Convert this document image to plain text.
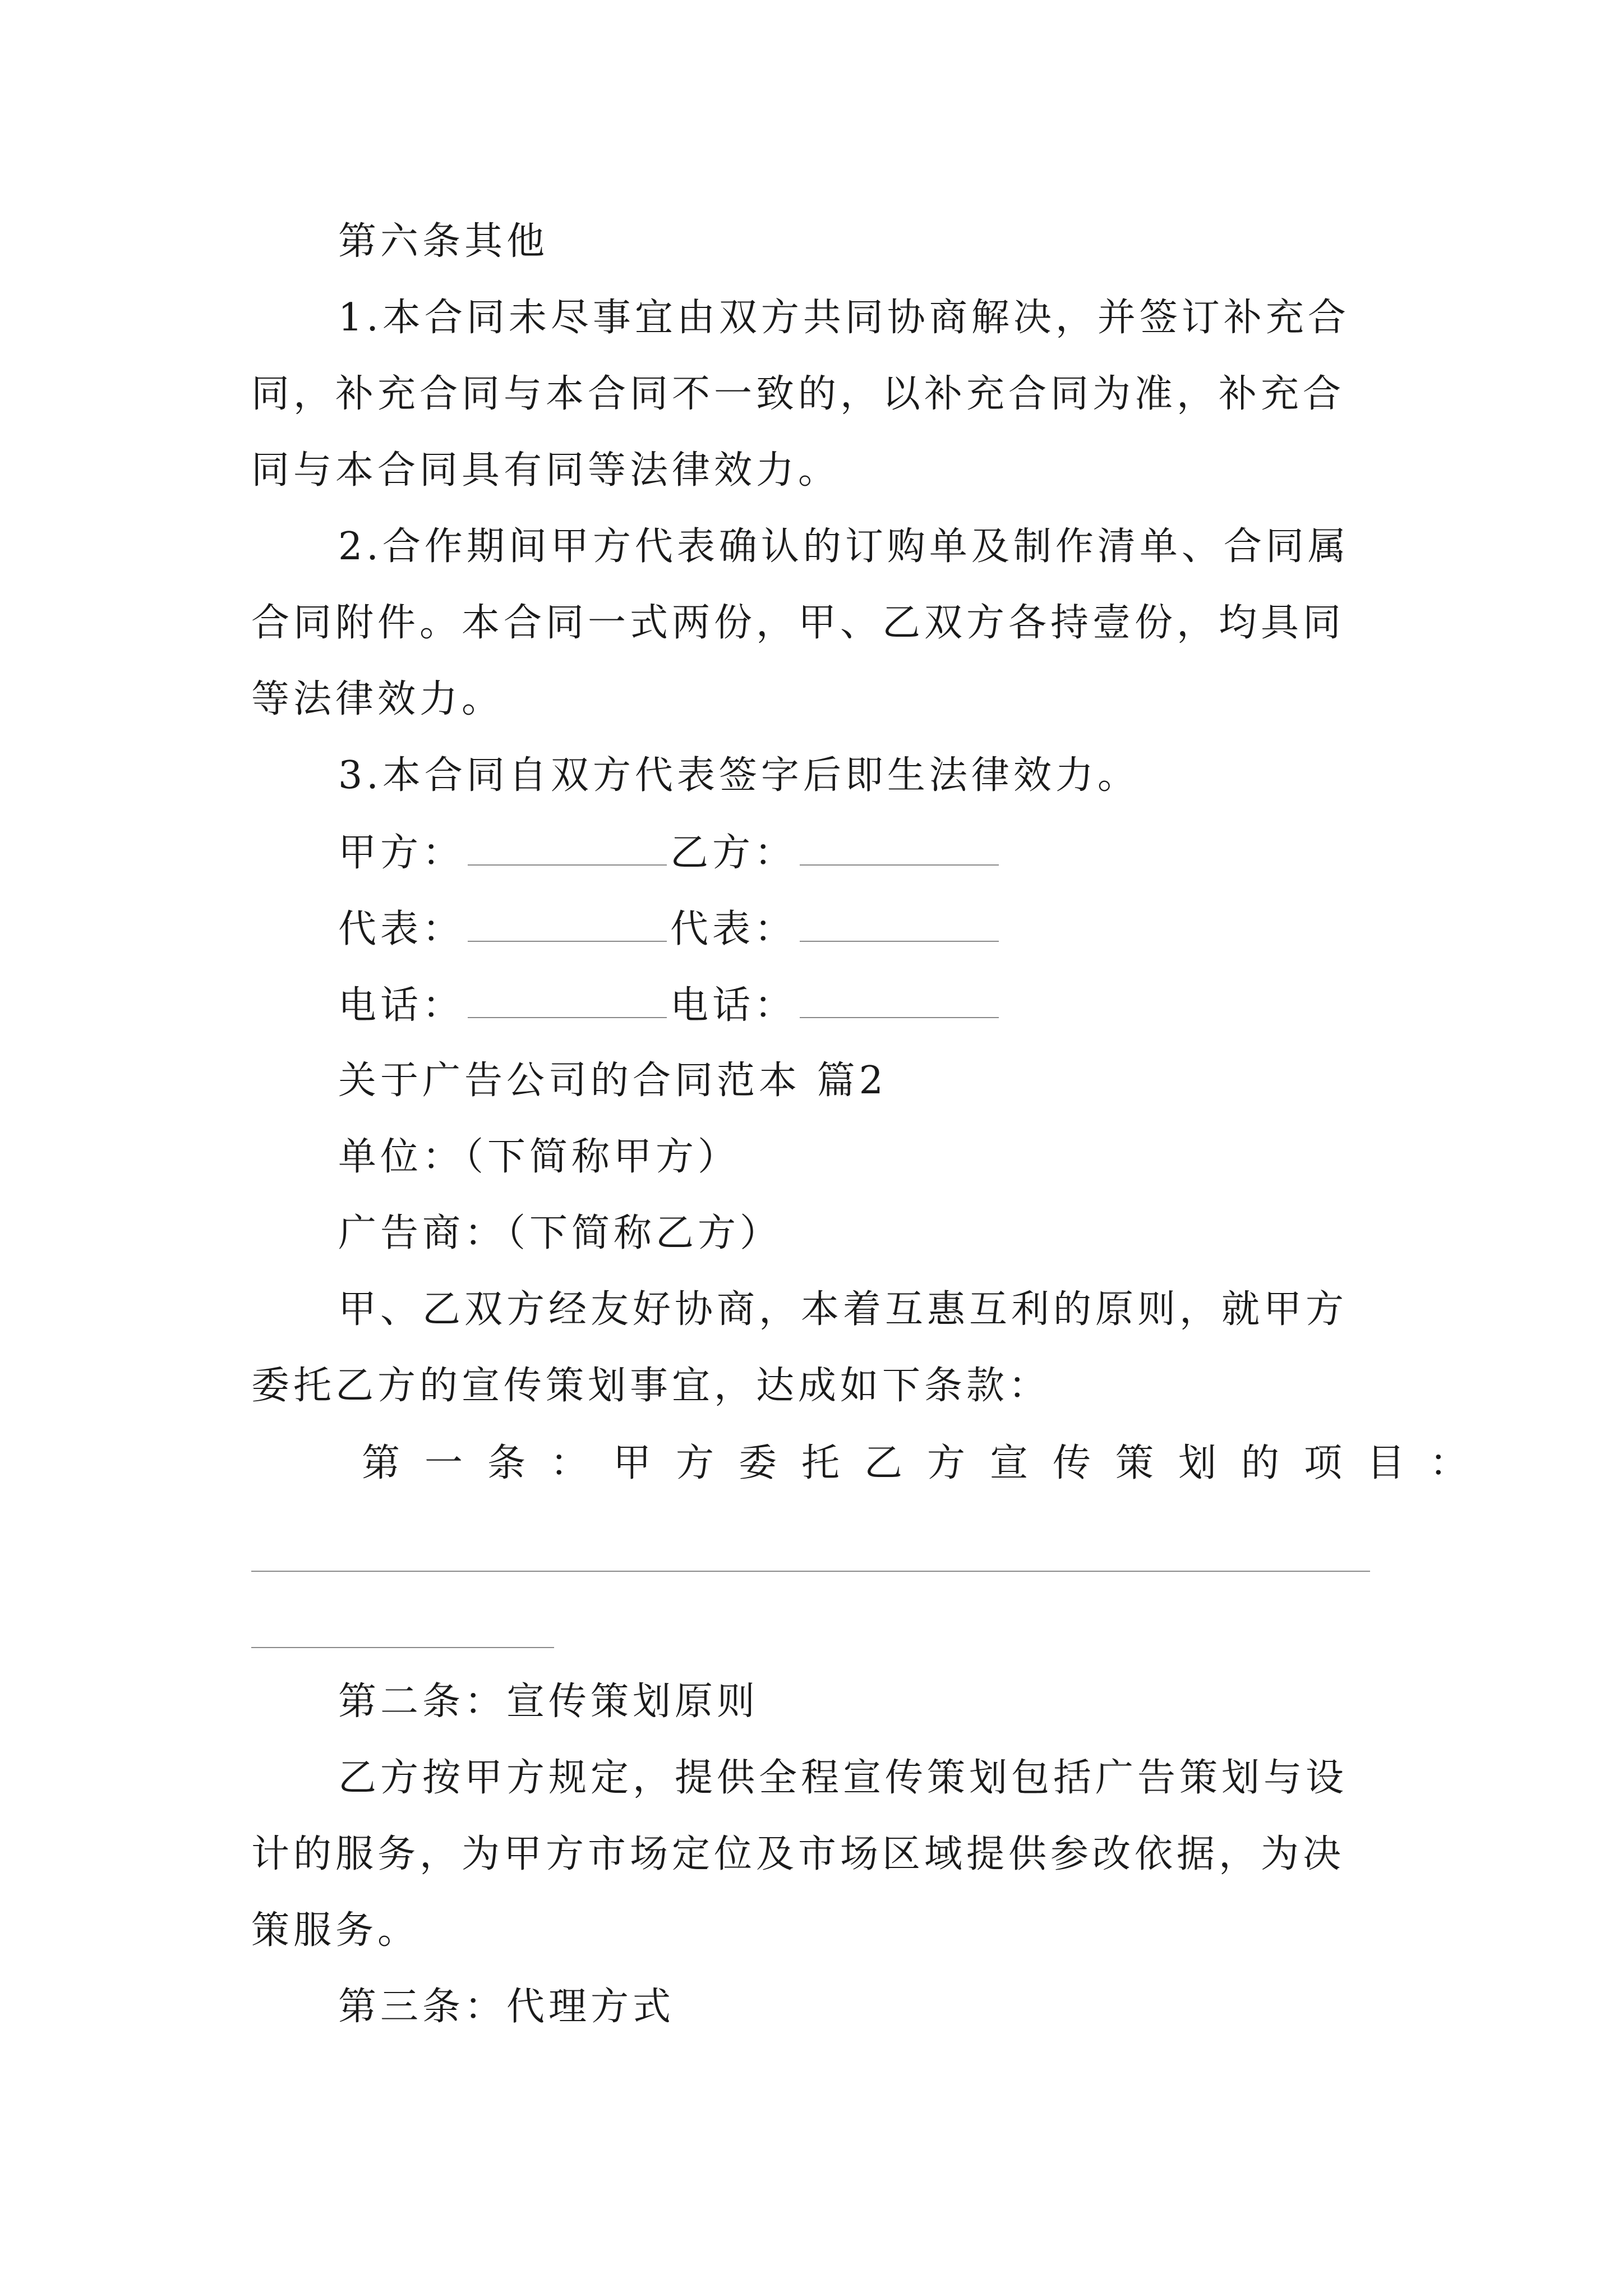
第六条其他
1.本合同未尽事宜由双方共同协商解决，并签订补充合
同，补充合同与本合同不一致的，以补充合同为准，补充合
同与本合同具有同等法律效力。
2.合作期间甲方代表确认的订购单及制作清单、合同属
合同附件。本合同一式两份，甲、乙双方各持壹份，均具同
等法律效力。
3.本合同自双方代表签字后即生法律效力。
甲方：	乙方：
代表：	代表：
电话：	电话：
关于广告公司的合同范本 篇2
单位：（下简称甲方）
广告商：（下简称乙方）
甲、乙双方经友好协商，本着互惠互利的原则，就甲方
委托乙方的宣传策划事宜，达成如下条款：
第一条：甲方委托乙方宣传策划的项目：
第二条：宣传策划原则
乙方按甲方规定，提供全程宣传策划包括广告策划与设
计的服务，为甲方市场定位及市场区域提供参改依据，为决
策服务。
第三条：代理方式
